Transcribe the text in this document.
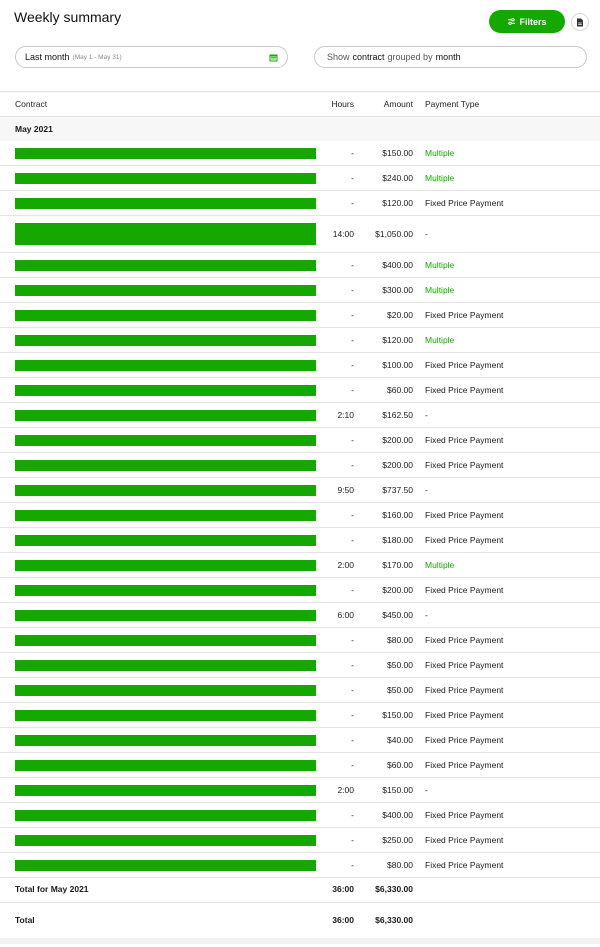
Weekly summary	Filters
Last month (May 1 - May 31)	Show contract grouped by month
Contract	Hours	Amount Payment Type
May 2021
-	$150.00 Multiple
-	$240.00 Multiple
-	$120.00 Fixed Price Payment
14:00	$1,050.00 -
-	$400.00 Multiple
-	$300.00 Multiple
-	$20.00 Fixed Price Payment
-	$120.00 Multiple
-	$100.00 Fixed Price Payment
-	$60.00 Fixed Price Payment
2:10	$162.50 -
-	$200.00 Fixed Price Payment
-	$200.00 Fixed Price Payment
9:50	$737.50 -
-	$160.00 Fixed Price Payment
-	$180.00 Fixed Price Payment
2:00	$170.00 Multiple
-	$200.00 Fixed Price Payment
6:00	$450.00 -
-	$80.00 Fixed Price Payment
-	$50.00 Fixed Price Payment
-	$50.00 Fixed Price Payment
-	$150.00 Fixed Price Payment
-	$40.00 Fixed Price Payment
-	$60.00 Fixed Price Payment
2:00	$150.00 -
-	$400.00 Fixed Price Payment
-	$250.00 Fixed Price Payment
-	$80.00 Fixed Price Payment
Total for May 2021	36:00	$6,330.00
Total	36:00	$6,330.00
